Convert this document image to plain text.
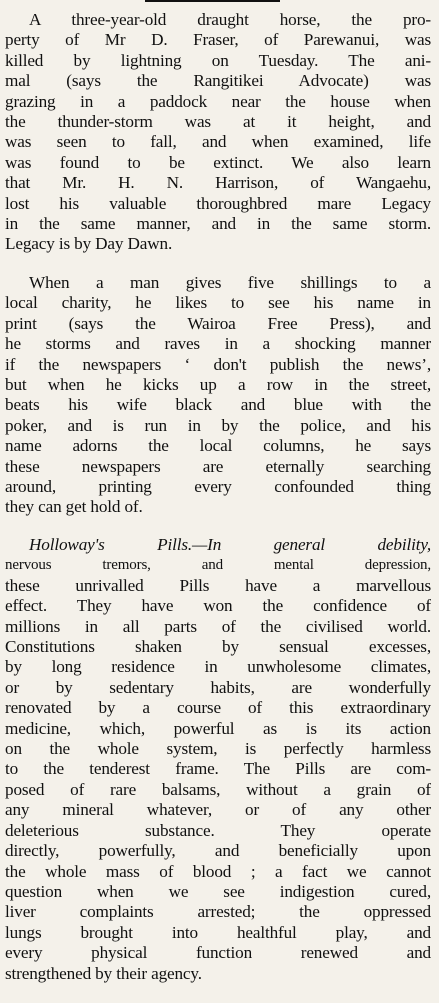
A three-year-old draught horse, the pro-
perty of Mr D. Fraser, of Parewanui, was
killed by lightning on Tuesday. The ani-
mal (says the Rangitikei Advocate) was
grazing in a paddock near the house when
the thunder-storm was at it height, and
was seen to fall, and when examined, life
was found to be extinct. We also learn
that Mr. H. N. Harrison, of Wangaehu,
lost his valuable thoroughbred mare Legacy
in the same manner, and in the same storm.
Legacy is by Day Dawn.
When a man gives five shillings to a
local charity, he likes to see his name in
print (says the Wairoa Free Press), and
he storms and raves in a shocking manner
if the newspapers ‘ don't publish the news’,
but when he kicks up a row in the street,
beats his wife black and blue with the
poker, and is run in by the police, and his
name adorns the local columns, he says
these newspapers are eternally searching
around, printing every confounded thing
they can get hold of.
Holloway's Pills.—In general debility,
nervous tremors, and mental depression,
these unrivalled Pills have a marvellous
effect. They have won the confidence of
millions in all parts of the civilised world.
Constitutions shaken by sensual excesses,
by long residence in unwholesome climates,
or by sedentary habits, are wonderfully
renovated by a course of this extraordinary
medicine, which, powerful as is its action
on the whole system, is perfectly harmless
to the tenderest frame. The Pills are com-
posed of rare balsams, without a grain of
any mineral whatever, or of any other
deleterious substance. They operate
directly, powerfully, and beneficially upon
the whole mass of blood ; a fact we cannot
question when we see indigestion cured,
liver complaints arrested; the oppressed
lungs brought into healthful play, and
every physical function renewed and
strengthened by their agency.
